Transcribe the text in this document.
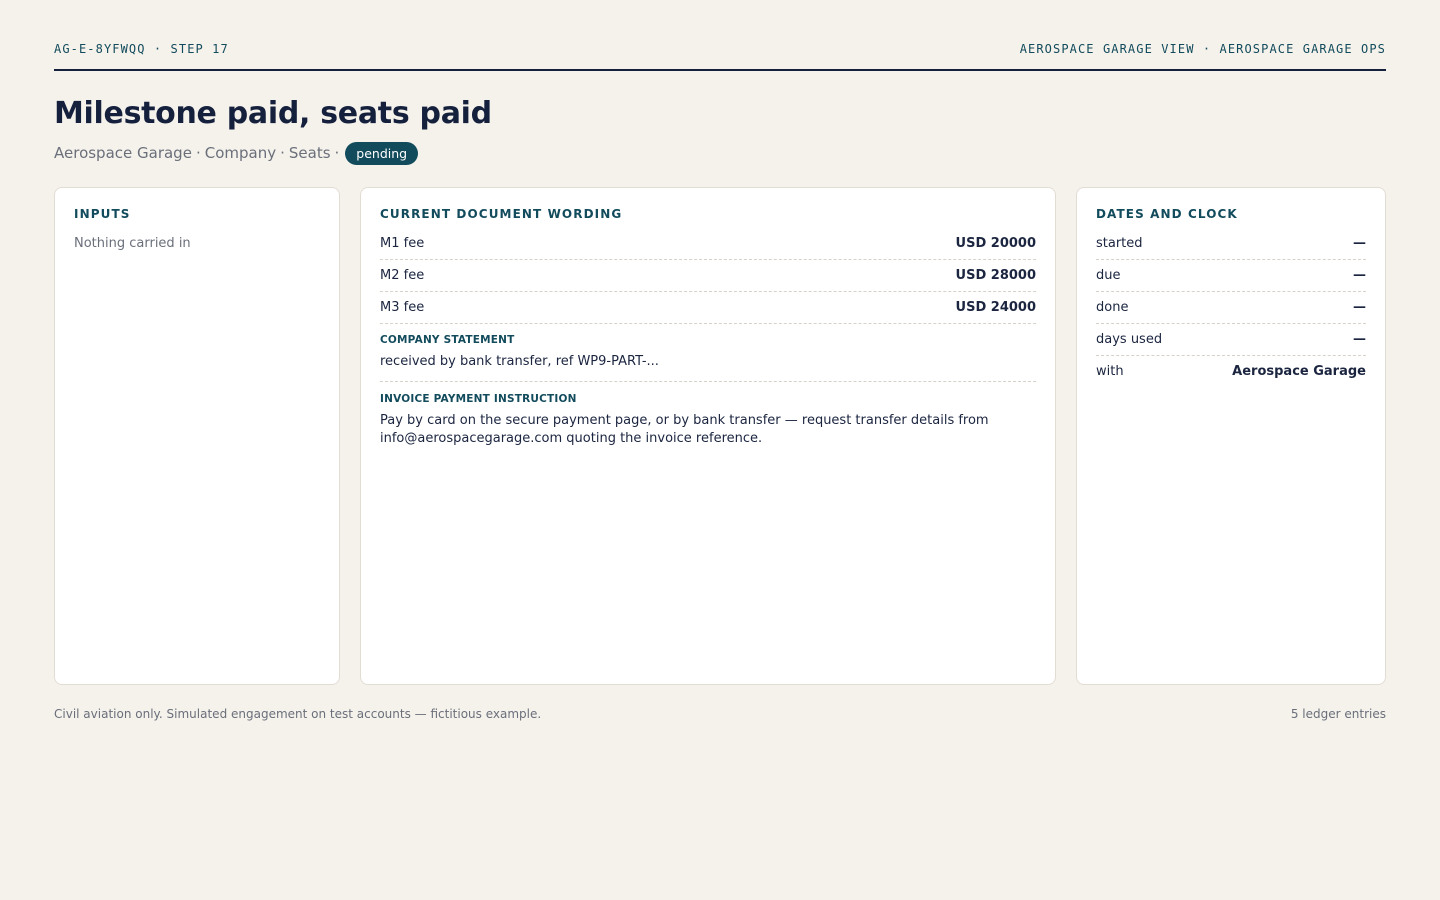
AG-E-8YFWQQ · STEP 17	AEROSPACE GARAGE VIEW · AEROSPACE GARAGE OPS
Milestone paid, seats paid
Aerospace Garage · Company · Seats ·	pending
INPUTS
Nothing carried in
CURRENT DOCUMENT WORDING
M1 fee	USD 20000
M2 fee	USD 28000
M3 fee	USD 24000
COMPANY STATEMENT
received by bank transfer, ref WP9-PART-...
INVOICE PAYMENT INSTRUCTION
Pay by card on the secure payment page, or by bank transfer — request transfer details from info@aerospacegarage.com quoting the invoice reference.
DATES AND CLOCK
started	—
due	—
done	—
days used	—
with	Aerospace Garage
Civil aviation only. Simulated engagement on test accounts — fictitious example.	5 ledger entries
